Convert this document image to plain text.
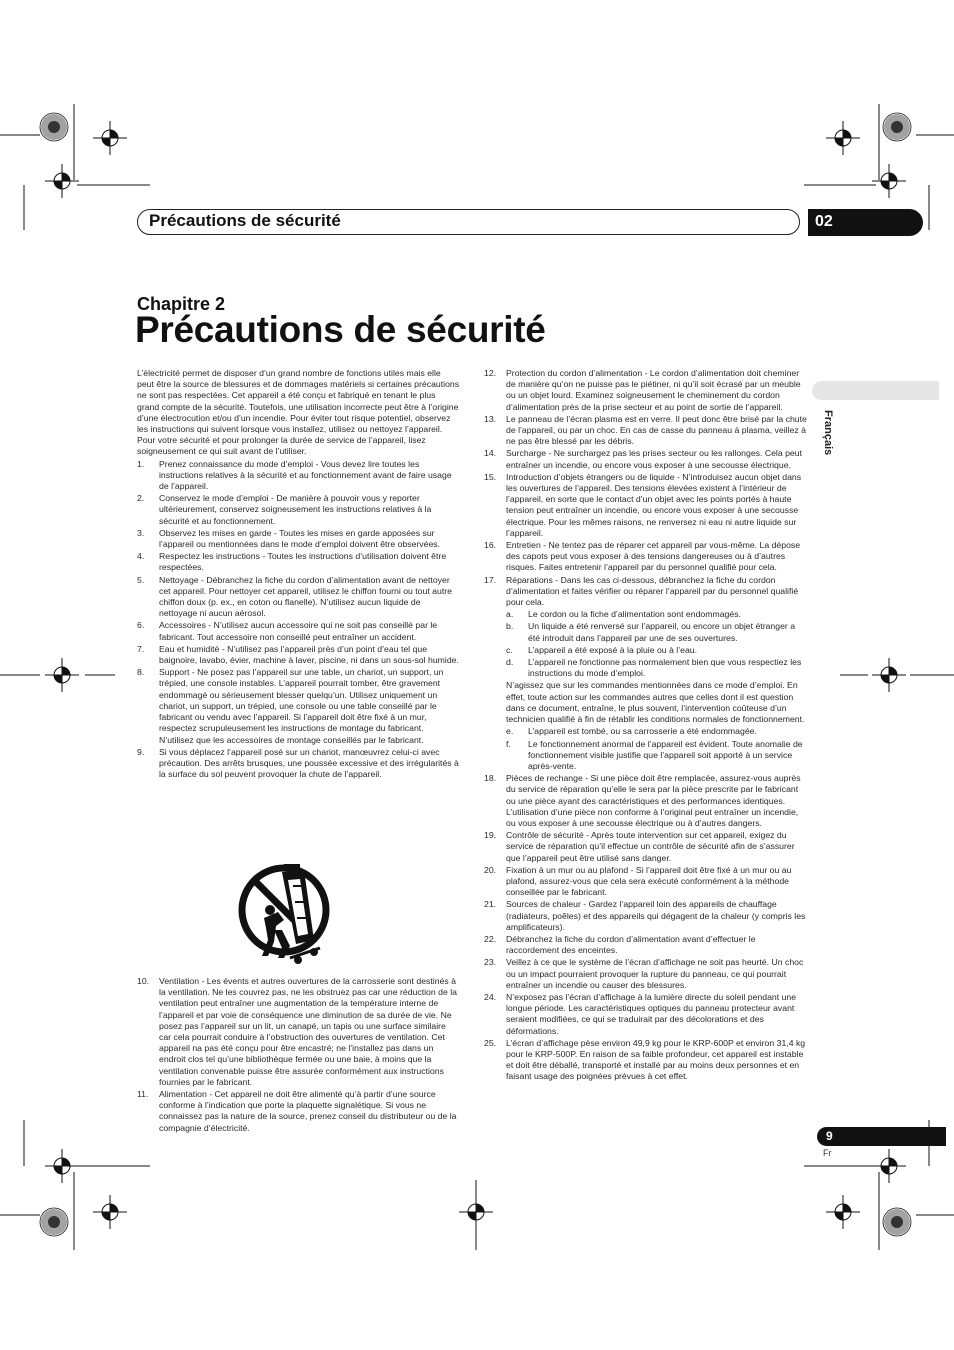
Précautions de sécurité	02
Français
Chapitre 2
Précautions de sécurité

L’électricité permet de disposer d’un grand nombre de fonctions utiles mais elle peut être la source de blessures et de dommages matériels si certaines précautions ne sont pas respectées. Cet appareil a été conçu et fabriqué en tenant le plus grand compte de la sécurité. Toutefois, une utilisation incorrecte peut être à l’origine d’une électrocution et/ou d’un incendie. Pour éviter tout risque potentiel, observez les instructions qui suivent lorsque vous installez, utilisez ou nettoyez l’appareil. Pour votre sécurité et pour prolonger la durée de service de l’appareil, lisez soigneusement ce qui suit avant de l’utiliser.

1. Prenez connaissance du mode d’emploi - Vous devez lire toutes les instructions relatives à la sécurité et au fonctionnement avant de faire usage de l’appareil.
2. Conservez le mode d’emploi - De manière à pouvoir vous y reporter ultérieurement, conservez soigneusement les instructions relatives à la sécurité et au fonctionnement.
3. Observez les mises en garde - Toutes les mises en garde apposées sur l’appareil ou mentionnées dans le mode d’emploi doivent être observées.
4. Respectez les instructions - Toutes les instructions d’utilisation doivent être respectées.
5. Nettoyage - Débranchez la fiche du cordon d’alimentation avant de nettoyer cet appareil. Pour nettoyer cet appareil, utilisez le chiffon fourni ou tout autre chiffon doux (p. ex., en coton ou flanelle). N’utilisez aucun liquide de nettoyage ni aucun aérosol.
6. Accessoires - N’utilisez aucun accessoire qui ne soit pas conseillé par le fabricant. Tout accessoire non conseillé peut entraîner un accident.
7. Eau et humidité - N’utilisez pas l’appareil près d’un point d’eau tel que baignoire, lavabo, évier, machine à laver, piscine, ni dans un sous-sol humide.
8. Support - Ne posez pas l’appareil sur une table, un chariot, un support, un trépied, une console instables. L’appareil pourrait tomber, être gravement endommagé ou sérieusement blesser quelqu’un. Utilisez uniquement un chariot, un support, un trépied, une console ou une table conseillé par le fabricant ou vendu avec l’appareil. Si l’appareil doit être fixé à un mur, respectez scrupuleusement les instructions de montage du fabricant. N’utilisez que les accessoires de montage conseillés par le fabricant.
9. Si vous déplacez l’appareil posé sur un chariot, manœuvrez celui-ci avec précaution. Des arrêts brusques, une poussée excessive et des irrégularités à la surface du sol peuvent provoquer la chute de l’appareil.
10. Ventilation - Les évents et autres ouvertures de la carrosserie sont destinés à la ventilation. Ne les couvrez pas, ne les obstruez pas car une réduction de la ventilation peut entraîner une augmentation de la température interne de l’appareil et par voie de conséquence une diminution de sa durée de vie. Ne posez pas l’appareil sur un lit, un canapé, un tapis ou une surface similaire car cela pourrait conduire à l’obstruction des ouvertures de ventilation. Cet appareil na pas été conçu pour être encastré; ne l’installez pas dans un endroit clos tel qu’une bibliothèque fermée ou une baie, à moins que la ventilation convenable puisse être assurée conformément aux instructions fournies par le fabricant.
11. Alimentation - Cet appareil ne doit être alimenté qu’à partir d’une source conforme à l’indication que porte la plaquette signalétique. Si vous ne connaissez pas la nature de la source, prenez conseil du distributeur ou de la compagnie d’électricité.
12. Protection du cordon d’alimentation - Le cordon d’alimentation doit cheminer de manière qu’on ne puisse pas le piétiner, ni qu’il soit écrasé par un meuble ou un objet lourd. Examinez soigneusement le cheminement du cordon d’alimentation près de la prise secteur et au point de sortie de l’appareil.
13. Le panneau de l’écran plasma est en verre. Il peut donc être brisé par la chute de l’appareil, ou par un choc. En cas de casse du panneau à plasma, veillez à ne pas être blessé par les débris.
14. Surcharge - Ne surchargez pas les prises secteur ou les rallonges. Cela peut entraîner un incendie, ou encore vous exposer à une secousse électrique.
15. Introduction d’objets étrangers ou de liquide - N’introduisez aucun objet dans les ouvertures de l’appareil. Des tensions élevées existent à l’intérieur de l’appareil, en sorte que le contact d’un objet avec les points portés à haute tension peut entraîner un incendie, ou encore vous exposer à une secousse électrique. Pour les mêmes raisons, ne renversez ni eau ni autre liquide sur l’appareil.
16. Entretien - Ne tentez pas de réparer cet appareil par vous-même. La dépose des capots peut vous exposer à des tensions dangereuses ou à d’autres risques. Faites entretenir l’appareil par du personnel qualifié pour cela.
17. Réparations - Dans les cas ci-dessous, débranchez la fiche du cordon d’alimentation et faites vérifier ou réparer l’appareil par du personnel qualifié pour cela.
a. Le cordon ou la fiche d’alimentation sont endommagés.
b. Un liquide a été renversé sur l’appareil, ou encore un objet étranger a été introduit dans l’appareil par une de ses ouvertures.
c. L’appareil a été exposé à la pluie ou à l’eau.
d. L’appareil ne fonctionne pas normalement bien que vous respectiez les instructions du mode d’emploi.
N’agissez que sur les commandes mentionnées dans ce mode d’emploi. En effet, toute action sur les commandes autres que celles dont il est question dans ce document, entraîne, le plus souvent, l’intervention coûteuse d’un technicien qualifié à fin de rétablir les conditions normales de fonctionnement.
e. L’appareil est tombé, ou sa carrosserie a été endommagée.
f. Le fonctionnement anormal de l’appareil est évident. Toute anomalie de fonctionnement visible justifie que l’appareil soit apporté à un service après-vente.
18. Pièces de rechange - Si une pièce doit être remplacée, assurez-vous auprès du service de réparation qu’elle le sera par la pièce prescrite par le fabricant ou une pièce ayant des caractéristiques et des performances identiques. L’utilisation d’une pièce non conforme à l’original peut entraîner un incendie, ou vous exposer à une secousse électrique ou à d’autres dangers.
19. Contrôle de sécurité - Après toute intervention sur cet appareil, exigez du service de réparation qu’il effectue un contrôle de sécurité afin de s’assurer que l’appareil peut être utilisé sans danger.
20. Fixation à un mur ou au plafond - Si l’appareil doit être fixé à un mur ou au plafond, assurez-vous que cela sera exécuté conformément à la méthode conseillée par le fabricant.
21. Sources de chaleur - Gardez l’appareil loin des appareils de chauffage (radiateurs, poêles) et des appareils qui dégagent de la chaleur (y compris les amplificateurs).
22. Débranchez la fiche du cordon d’alimentation avant d’effectuer le raccordement des enceintes.
23. Veillez à ce que le système de l’écran d’affichage ne soit pas heurté. Un choc ou un impact pourraient provoquer la rupture du panneau, ce qui pourrait entraîner un incendie ou causer des blessures.
24. N’exposez pas l’écran d’affichage à la lumière directe du soleil pendant une longue période. Les caractéristiques optiques du panneau protecteur avant seraient modifiées, ce qui se traduirait par des décolorations et des déformations.
25. L’écran d’affichage pèse environ 49,9 kg pour le KRP-600P et environ 31,4 kg pour le KRP-500P. En raison de sa faible profondeur, cet appareil est instable et doit être déballé, transporté et installé par au moins deux personnes et en faisant usage des poignées prévues à cet effet.
9
Fr
